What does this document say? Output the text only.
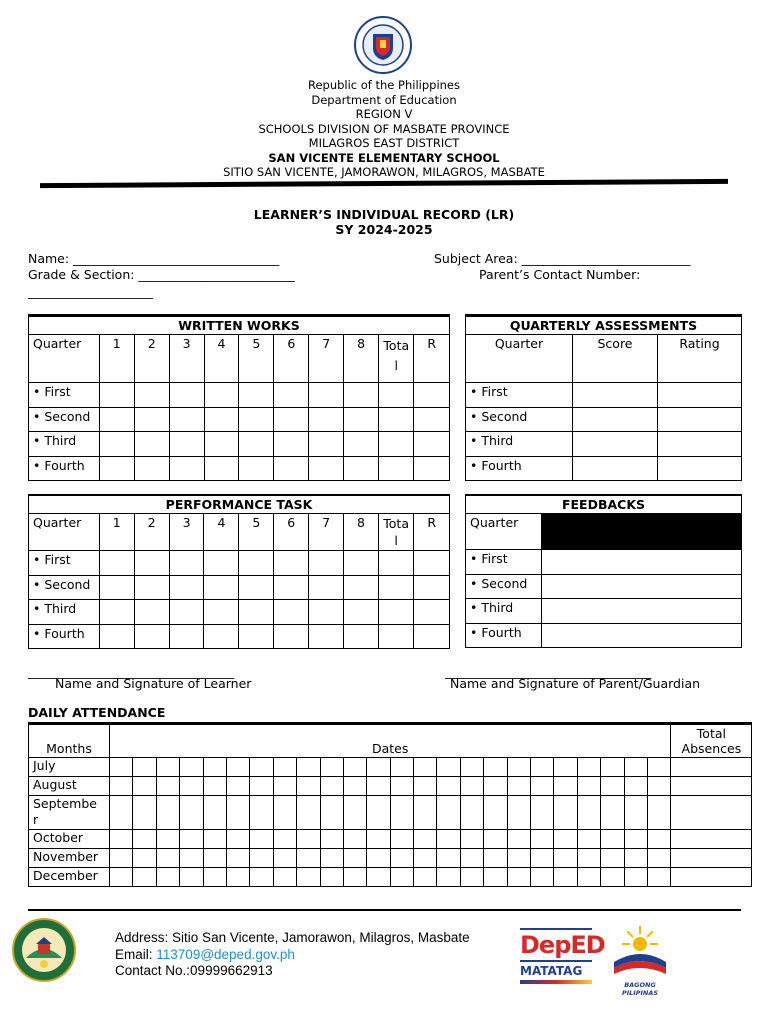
Republic of the Philippines
Department of Education
REGION V
SCHOOLS DIVISION OF MASBATE PROVINCE
MILAGROS EAST DISTRICT
SAN VICENTE ELEMENTARY SCHOOL
SITIO SAN VICENTE, JAMORAWON, MILAGROS, MASBATE
LEARNER’S INDIVIDUAL RECORD (LR)
SY 2024-2025
Name: _________________________________
Grade & Section: _________________________
____________________
Subject Area: ___________________________
Parent’s Contact Number:
WRITTEN WORKS										
Quarter	1	2	3	4	5	6	7	8	Tota l	R
• First										
• Second										
• Third										
• Fourth										
QUARTERLY ASSESSMENTS		
Quarter	Score	Rating
• First		
• Second		
• Third		
• Fourth		
PERFORMANCE TASK										
Quarter	1	2	3	4	5	6	7	8	Tota l	R
• First										
• Second										
• Third										
• Fourth										
FEEDBACKS	
Quarter	
• First	
• Second	
• Third	
• Fourth	
_________________________________
Name and Signature of Learner
_________________________________
Name and Signature of Parent/Guardian
DAILY ATTENDANCE
Months	Dates																								Total Absences
July																									
August																									
Septembe r																									
October																									
November																									
December																									
Address: Sitio San Vicente, Jamorawon, Milagros, Masbate
Email: 113709@deped.gov.ph
Contact No.:09999662913
DepED
MATATAG
BAGONG PILIPINAS
